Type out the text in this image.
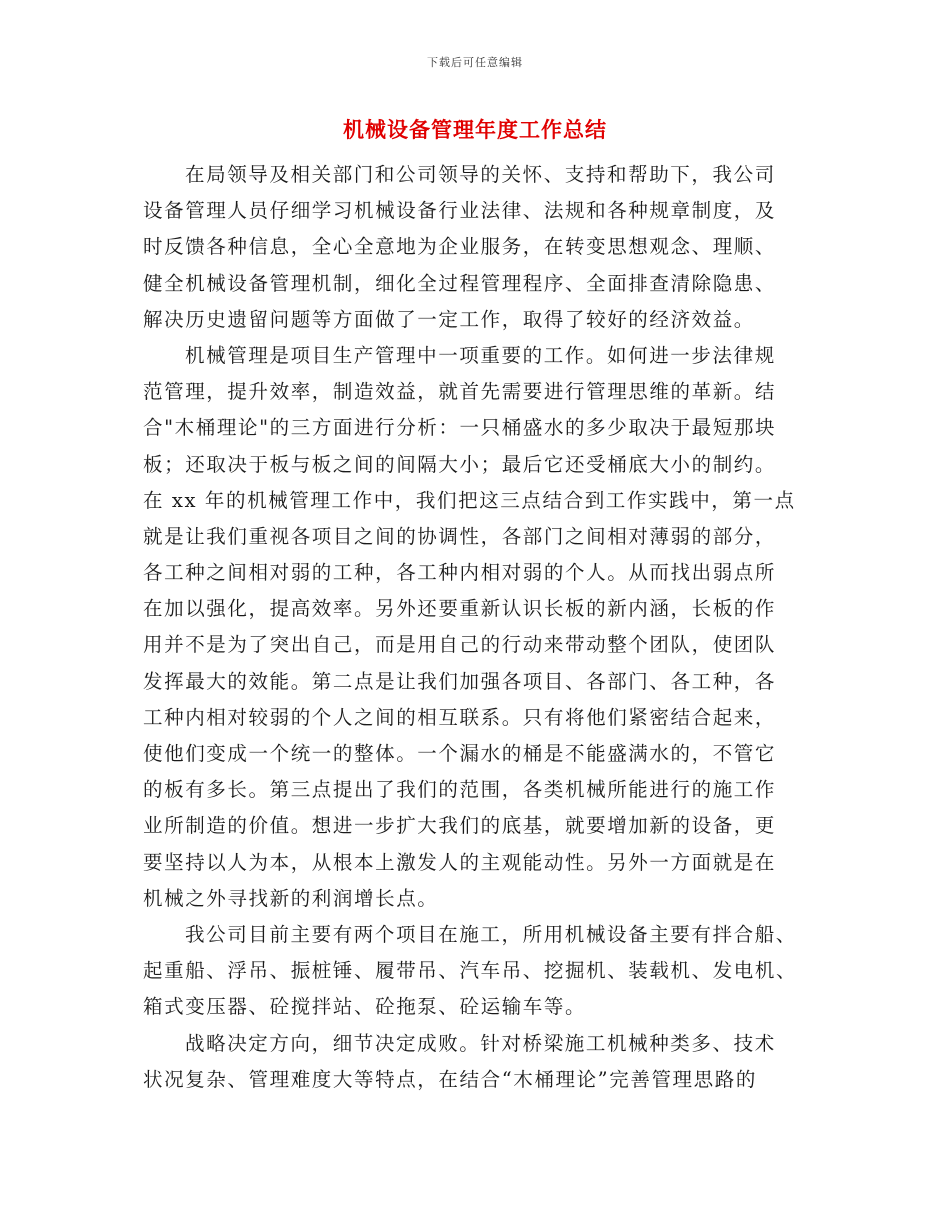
下载后可任意编辑
机械设备管理年度工作总结
在局领导及相关部门和公司领导的关怀、支持和帮助下，我公司
设备管理人员仔细学习机械设备行业法律、法规和各种规章制度，及
时反馈各种信息，全心全意地为企业服务，在转变思想观念、理顺、
健全机械设备管理机制，细化全过程管理程序、全面排查清除隐患、
解决历史遗留问题等方面做了一定工作，取得了较好的经济效益。
机械管理是项目生产管理中一项重要的工作。如何进一步法律规
范管理，提升效率，制造效益，就首先需要进行管理思维的革新。结
合"木桶理论"的三方面进行分析：一只桶盛水的多少取决于最短那块
板；还取决于板与板之间的间隔大小；最后它还受桶底大小的制约。
在 xx 年的机械管理工作中，我们把这三点结合到工作实践中，第一点
就是让我们重视各项目之间的协调性，各部门之间相对薄弱的部分，
各工种之间相对弱的工种，各工种内相对弱的个人。从而找出弱点所
在加以强化，提高效率。另外还要重新认识长板的新内涵，长板的作
用并不是为了突出自己，而是用自己的行动来带动整个团队，使团队
发挥最大的效能。第二点是让我们加强各项目、各部门、各工种，各
工种内相对较弱的个人之间的相互联系。只有将他们紧密结合起来，
使他们变成一个统一的整体。一个漏水的桶是不能盛满水的，不管它
的板有多长。第三点提出了我们的范围，各类机械所能进行的施工作
业所制造的价值。想进一步扩大我们的底基，就要增加新的设备，更
要坚持以人为本，从根本上激发人的主观能动性。另外一方面就是在
机械之外寻找新的利润增长点。
我公司目前主要有两个项目在施工，所用机械设备主要有拌合船、
起重船、浮吊、振桩锤、履带吊、汽车吊、挖掘机、装载机、发电机、
箱式变压器、砼搅拌站、砼拖泵、砼运输车等。
战略决定方向，细节决定成败。针对桥梁施工机械种类多、技术
状况复杂、管理难度大等特点，在结合“木桶理论”完善管理思路的
